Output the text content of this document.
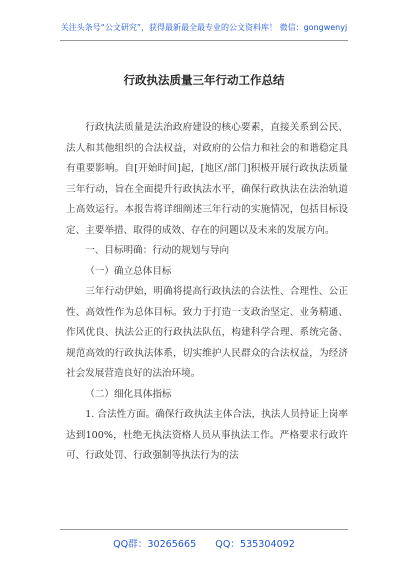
关注头条号“公文研究”，获得最新最全最专业的公文资料库！ 微信：gongwenyj
行政执法质量三年行动工作总结

行政执法质量是法治政府建设的核心要素，直接关系到公民、法人和其他组织的合法权益，对政府的公信力和社会的和谐稳定具有重要影响。自[开始时间]起，[地区/部门]积极开展行政执法质量三年行动，旨在全面提升行政执法水平，确保行政执法在法治轨道上高效运行。本报告将详细阐述三年行动的实施情况，包括目标设定、主要举措、取得的成效、存在的问题以及未来的发展方向。

一、目标明确：行动的规划与导向

（一）确立总体目标

三年行动伊始，明确将提高行政执法的合法性、合理性、公正性、高效性作为总体目标。致力于打造一支政治坚定、业务精通、作风优良、执法公正的行政执法队伍，构建科学合理、系统完备、规范高效的行政执法体系，切实维护人民群众的合法权益，为经济社会发展营造良好的法治环境。

（二）细化具体指标

1. 合法性方面。确保行政执法主体合法，执法人员持证上岗率达到100%，杜绝无执法资格人员从事执法工作。严格要求行政许可、行政处罚、行政强制等执法行为的法

QQ群：30265665 QQ：535304092
